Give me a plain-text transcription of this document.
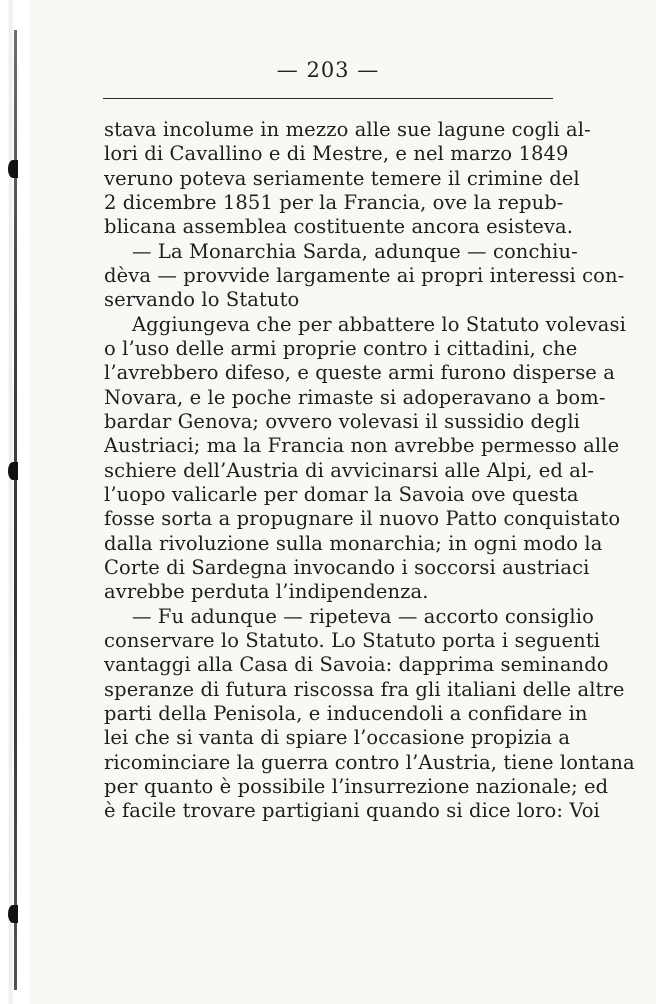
— 203 —
stava incolume in mezzo alle sue lagune cogli al-
lori di Cavallino e di Mestre, e nel marzo 1849
veruno poteva seriamente temere il crimine del
2 dicembre 1851 per la Francia, ove la repub-
blicana assemblea costituente ancora esisteva.
— La Monarchia Sarda, adunque — conchiu-
dèva — provvide largamente ai propri interessi con-
servando lo Statuto
Aggiungeva che per abbattere lo Statuto volevasi
o l’uso delle armi proprie contro i cittadini, che
l’avrebbero difeso, e queste armi furono disperse a
Novara, e le poche rimaste si adoperavano a bom-
bardar Genova; ovvero volevasi il sussidio degli
Austriaci; ma la Francia non avrebbe permesso alle
schiere dell’Austria di avvicinarsi alle Alpi, ed al-
l’uopo valicarle per domar la Savoia ove questa
fosse sorta a propugnare il nuovo Patto conquistato
dalla rivoluzione sulla monarchia; in ogni modo la
Corte di Sardegna invocando i soccorsi austriaci
avrebbe perduta l’indipendenza.
— Fu adunque — ripeteva — accorto consiglio
conservare lo Statuto. Lo Statuto porta i seguenti
vantaggi alla Casa di Savoia: dapprima seminando
speranze di futura riscossa fra gli italiani delle altre
parti della Penisola, e inducendoli a confidare in
lei che si vanta di spiare l’occasione propizia a
ricominciare la guerra contro l’Austria, tiene lontana
per quanto è possibile l’insurrezione nazionale; ed
è facile trovare partigiani quando si dice loro: Voi
